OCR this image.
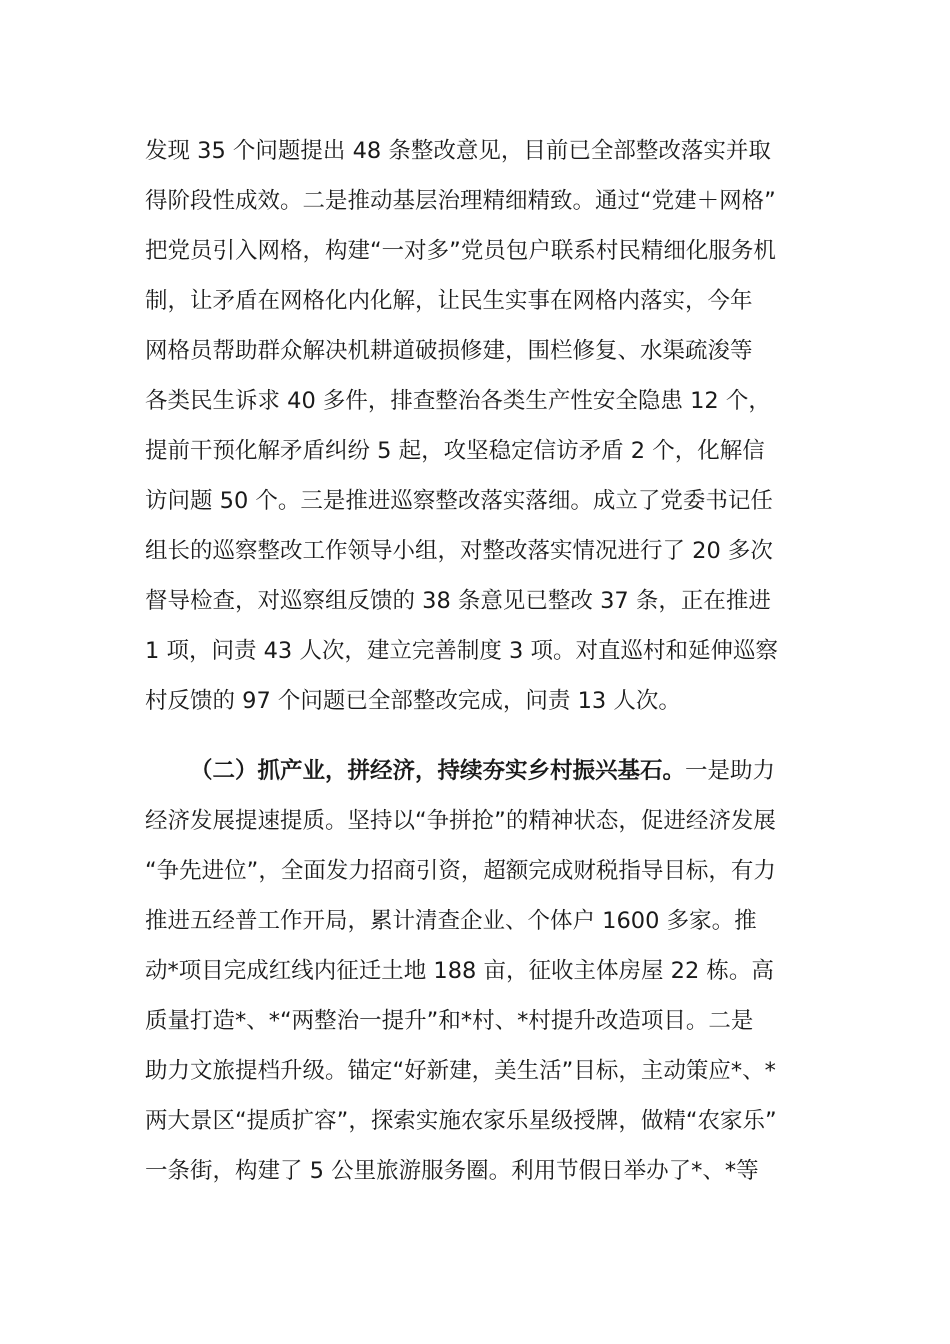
发现 35 个问题提出 48 条整改意见，目前已全部整改落实并取
得阶段性成效。二是推动基层治理精细精致。通过“党建＋网格”
把党员引入网格，构建“一对多”党员包户联系村民精细化服务机
制，让矛盾在网格化内化解，让民生实事在网格内落实，今年
网格员帮助群众解决机耕道破损修建，围栏修复、水渠疏浚等
各类民生诉求 40 多件，排查整治各类生产性安全隐患 12 个，
提前干预化解矛盾纠纷 5 起，攻坚稳定信访矛盾 2 个，化解信
访问题 50 个。三是推进巡察整改落实落细。成立了党委书记任
组长的巡察整改工作领导小组，对整改落实情况进行了 20 多次
督导检查，对巡察组反馈的 38 条意见已整改 37 条，正在推进
1 项，问责 43 人次，建立完善制度 3 项。对直巡村和延伸巡察
村反馈的 97 个问题已全部整改完成，问责 13 人次。
（二）抓产业，拼经济，持续夯实乡村振兴基石。一是助力
经济发展提速提质。坚持以“争拼抢”的精神状态，促进经济发展
“争先进位”，全面发力招商引资，超额完成财税指导目标，有力
推进五经普工作开局，累计清查企业、个体户 1600 多家。推
动*项目完成红线内征迁土地 188 亩，征收主体房屋 22 栋。高
质量打造*、*“两整治一提升”和*村、*村提升改造项目。二是
助力文旅提档升级。锚定“好新建，美生活”目标，主动策应*、*
两大景区“提质扩容”，探索实施农家乐星级授牌，做精“农家乐”
一条街，构建了 5 公里旅游服务圈。利用节假日举办了*、*等
